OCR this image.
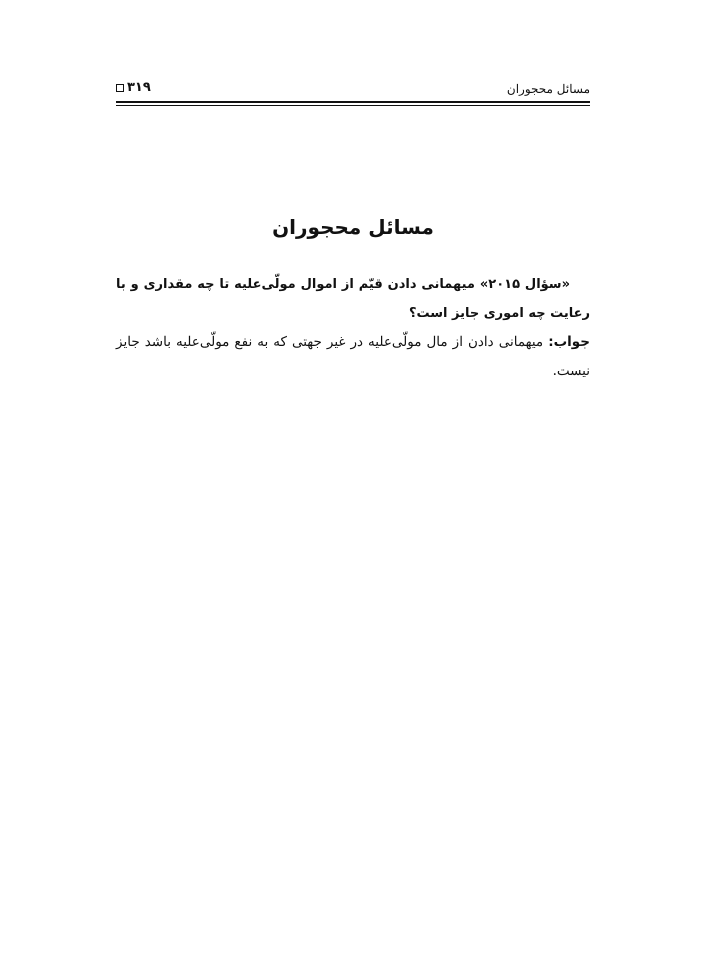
مسائل محجوران
۳۱۹
مسائل محجوران

«سؤال ۲۰۱۵» میهمانی دادن قیّم از اموال مولّی‌علیه تا چه مقداری و با رعایت چه اموری جایز است؟

جواب: میهمانی دادن از مال مولّی‌علیه در غیر جهتی که به نفع مولّی‌علیه باشد جایز نیست.
